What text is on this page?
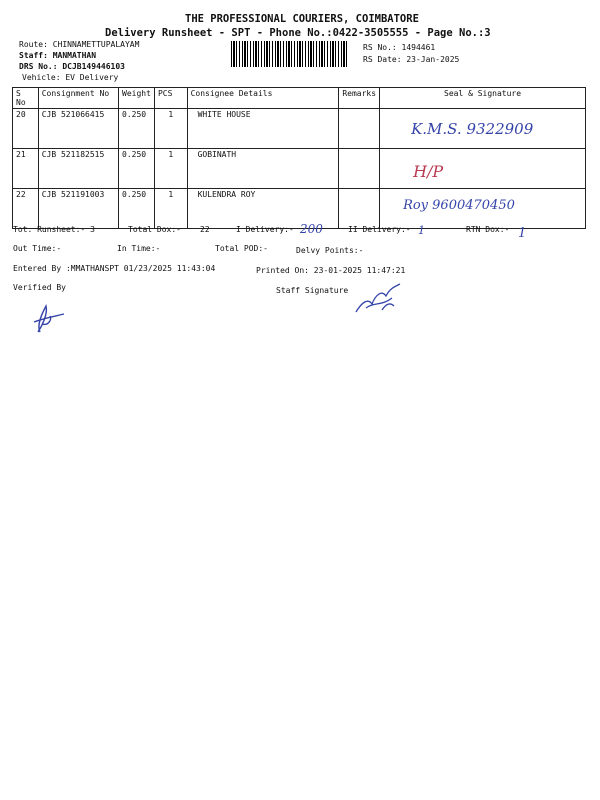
THE PROFESSIONAL COURIERS, COIMBATORE
Delivery Runsheet - SPT - Phone No.:0422-3505555 - Page No.:3
Route: CHINNAMETTUPALAYAM
Staff: MANMATHAN
DRS No.: DCJB149446103
Vehicle: EV Delivery
RS No.: 1494461
RS Date: 23-Jan-2025
S No	Consignment No	Weight	PCS	Consignee Details	Remarks	Seal & Signature
20	CJB 521066415	0.250	1	WHITE HOUSE		K.M.S. 9322909
21	CJB 521182515	0.250	1	GOBINATH		H/P
22	CJB 521191003	0.250	1	KULENDRA ROY		Roy 9600470450
Tot. Runsheet:- 3	Total Dox:- 22	I Delivery:- 200	II Delivery:- 1	RTN Dox:- 1
Out Time:-	In Time:-	Total POD:-	Delvy Points:-
Entered By :MMATHANSPT 01/23/2025 11:43:04	Printed On: 23-01-2025 11:47:21
Verified By	Staff Signature
